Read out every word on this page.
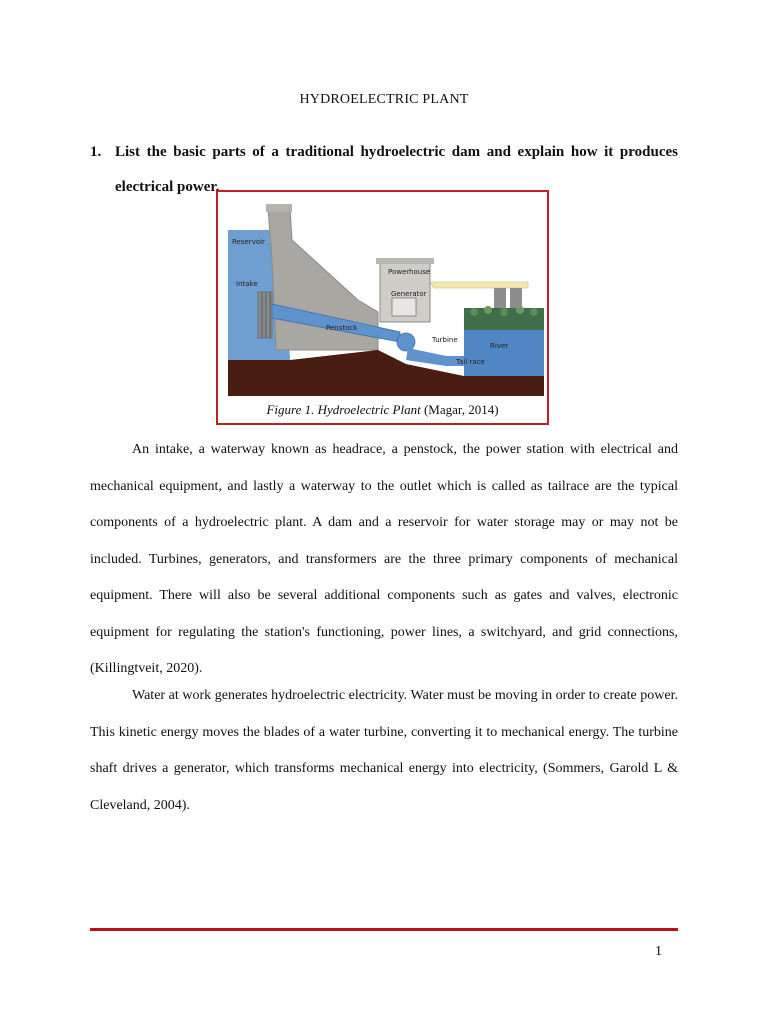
HYDROELECTRIC PLANT
1. List the basic parts of a traditional hydroelectric dam and explain how it produces electrical power.
Reservoir
Intake
Powerhouse
Generator
Penstock
Turbine
River
Tail race
Figure 1. Hydroelectric Plant (Magar, 2014)
An intake, a waterway known as headrace, a penstock, the power station with electrical and mechanical equipment, and lastly a waterway to the outlet which is called as tailrace are the typical components of a hydroelectric plant. A dam and a reservoir for water storage may or may not be included. Turbines, generators, and transformers are the three primary components of mechanical equipment. There will also be several additional components such as gates and valves, electronic equipment for regulating the station's functioning, power lines, a switchyard, and grid connections, (Killingtveit, 2020).
Water at work generates hydroelectric electricity. Water must be moving in order to create power. This kinetic energy moves the blades of a water turbine, converting it to mechanical energy. The turbine shaft drives a generator, which transforms mechanical energy into electricity, (Sommers, Garold L & Cleveland, 2004).
1
